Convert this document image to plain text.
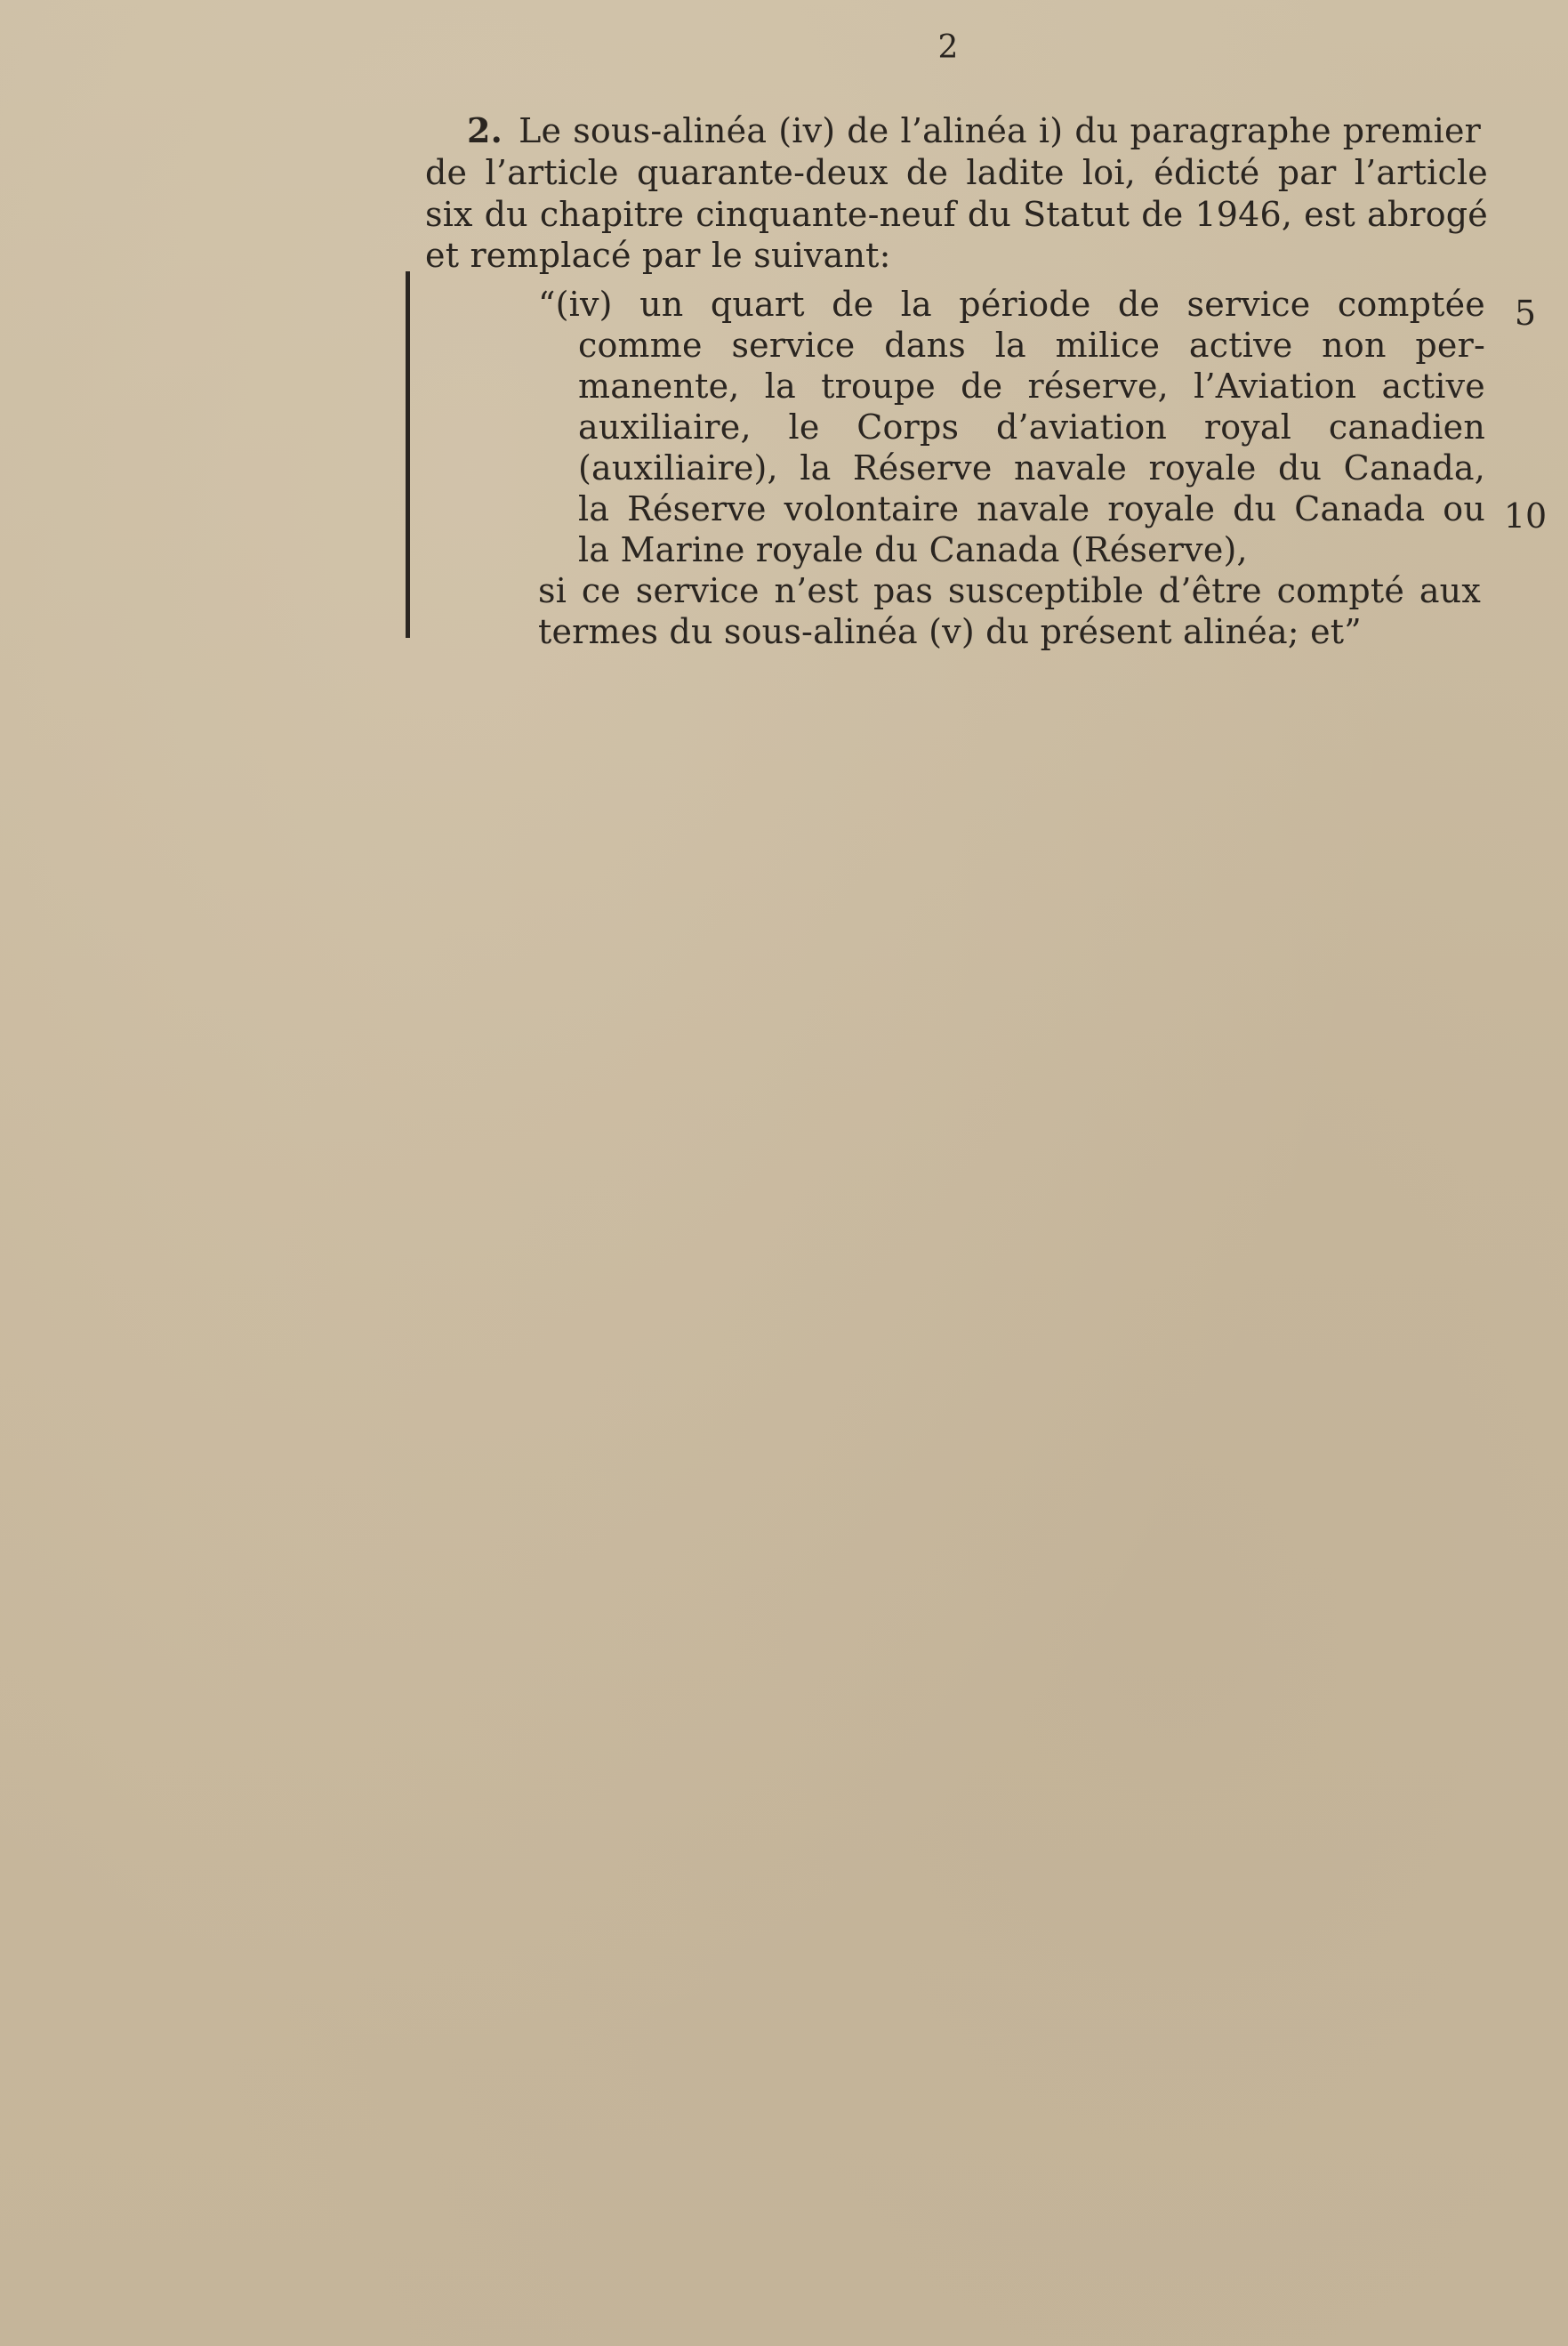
2
2. Le sous-alinéa (iv) de l’alinéa i) du paragraphe premier
de l’article quarante-deux de ladite loi, édicté par l’article
six du chapitre cinquante-neuf du Statut de 1946, est abrogé
et remplacé par le suivant:
“(iv) un quart de la période de service comptée
comme service dans la milice active non per-
manente, la troupe de réserve, l’Aviation active
auxiliaire, le Corps d’aviation royal canadien
(auxiliaire), la Réserve navale royale du Canada,
la Réserve volontaire navale royale du Canada ou
la Marine royale du Canada (Réserve),
si ce service n’est pas susceptible d’être compté aux
termes du sous-alinéa (v) du présent alinéa; et”
5
10
